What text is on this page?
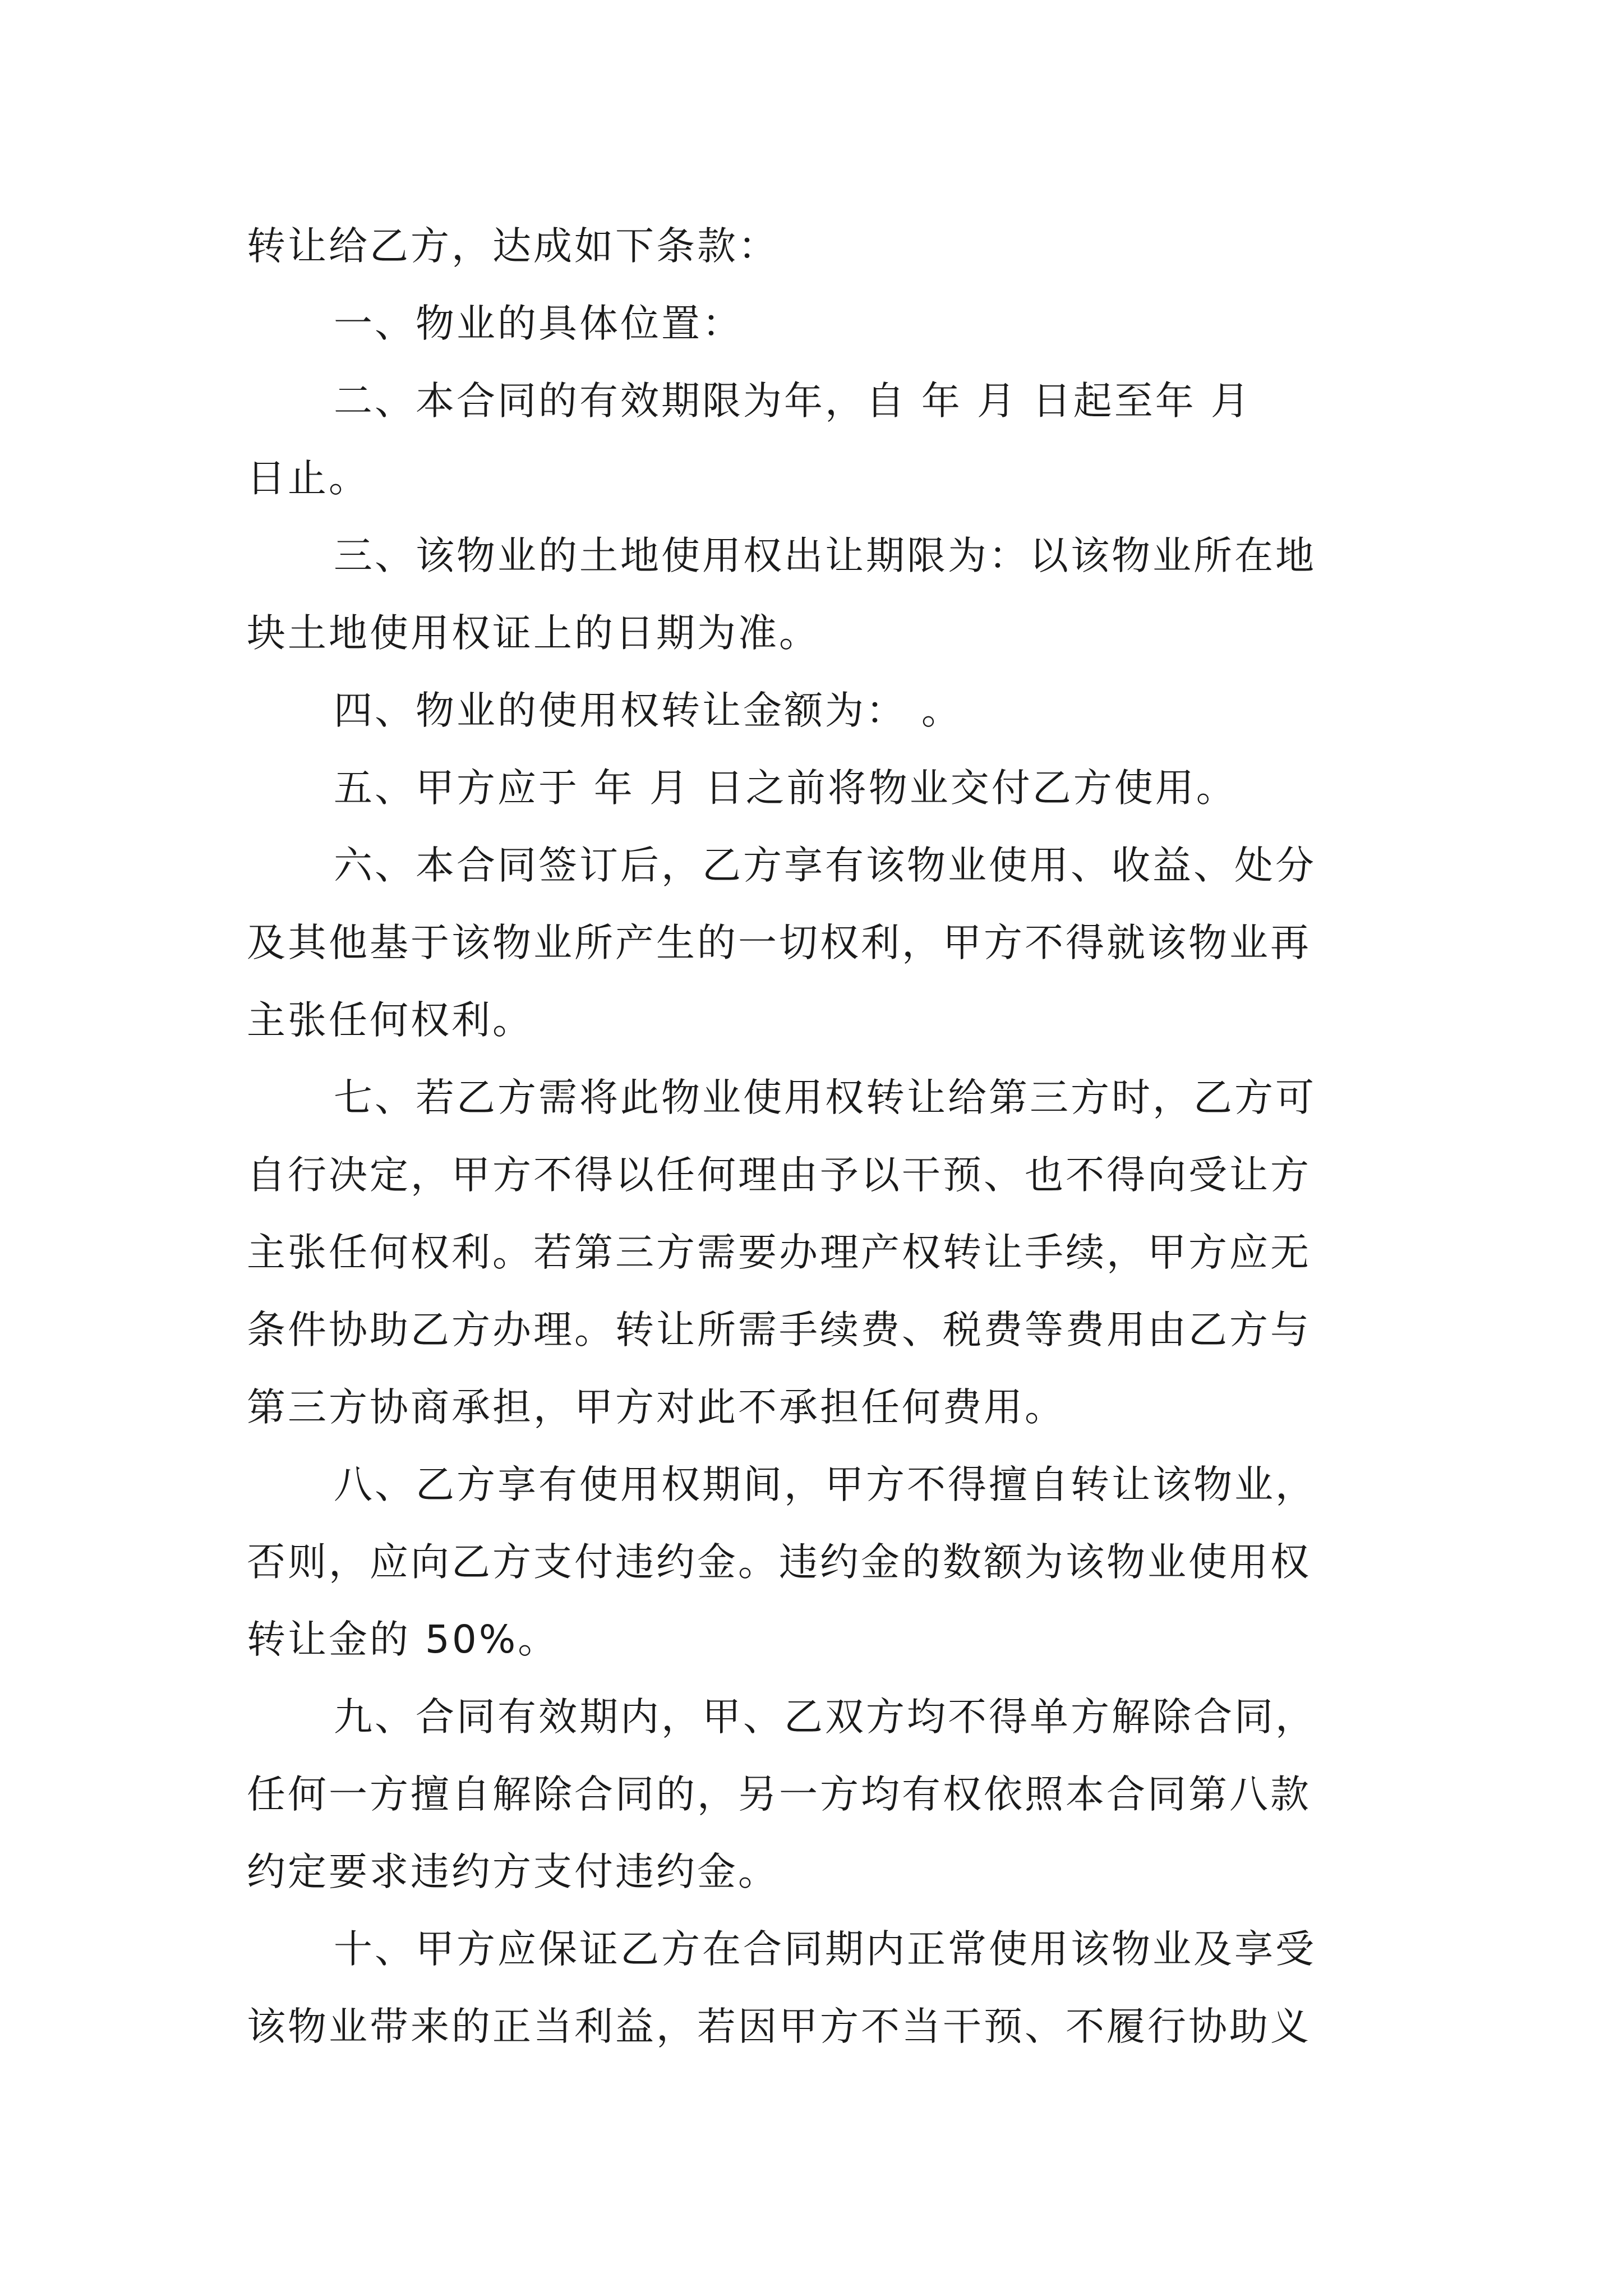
转让给乙方，达成如下条款：
一、物业的具体位置：
二、本合同的有效期限为年，自 年 月 日起至年 月
日止。
三、该物业的土地使用权出让期限为：以该物业所在地
块土地使用权证上的日期为准。
四、物业的使用权转让金额为： 。
五、甲方应于 年 月 日之前将物业交付乙方使用。
六、本合同签订后，乙方享有该物业使用、收益、处分
及其他基于该物业所产生的一切权利，甲方不得就该物业再
主张任何权利。
七、若乙方需将此物业使用权转让给第三方时，乙方可
自行决定，甲方不得以任何理由予以干预、也不得向受让方
主张任何权利。若第三方需要办理产权转让手续，甲方应无
条件协助乙方办理。转让所需手续费、税费等费用由乙方与
第三方协商承担，甲方对此不承担任何费用。
八、乙方享有使用权期间，甲方不得擅自转让该物业，
否则，应向乙方支付违约金。违约金的数额为该物业使用权
转让金的 50%。
九、合同有效期内，甲、乙双方均不得单方解除合同，
任何一方擅自解除合同的，另一方均有权依照本合同第八款
约定要求违约方支付违约金。
十、甲方应保证乙方在合同期内正常使用该物业及享受
该物业带来的正当利益，若因甲方不当干预、不履行协助义
